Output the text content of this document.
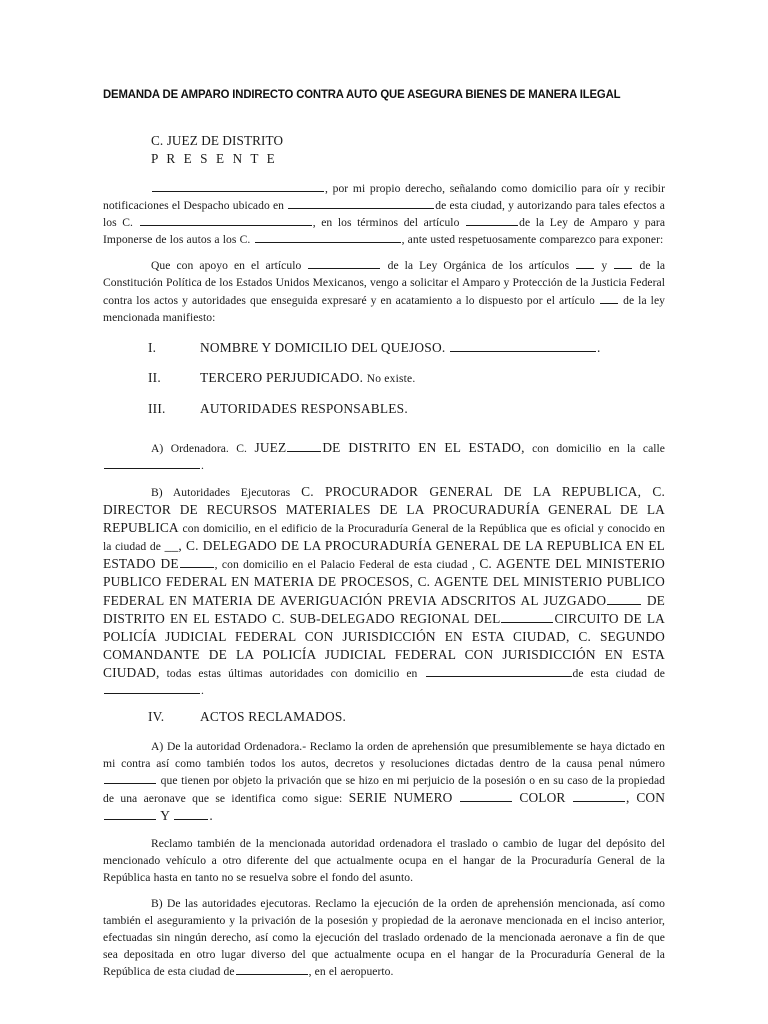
DEMANDA DE AMPARO INDIRECTO CONTRA AUTO QUE ASEGURA BIENES DE MANERA ILEGAL
C. JUEZ DE DISTRITO
P R E S E N T E

, por mi propio derecho, señalando como domicilio para oír y recibir notificaciones el Despacho ubicado en	de esta ciudad, y autorizando para tales efectos a los C.	, en los términos del artículo	de la Ley de Amparo y para Imponerse de los autos a los C.	, ante usted respetuosamente comparezco para exponer:

Que con apoyo en el artículo	de la Ley Orgánica de los artículos	y	de la Constitución Política de los Estados Unidos Mexicanos, vengo a solicitar el Amparo y Protección de la Justicia Federal contra los actos y autoridades que enseguida expresaré y en acatamiento a lo dispuesto por el artículo de la ley mencionada manifiesto:

I.	NOMBRE Y DOMICILIO DEL QUEJOSO.	.
II.	TERCERO PERJUDICADO. No existe.
III.	AUTORIDADES RESPONSABLES.

A) Ordenadora. C. JUEZ	DE DISTRITO EN EL ESTADO, con domicilio en la calle .

B) Autoridades Ejecutoras C. PROCURADOR GENERAL DE LA REPUBLICA, C. DIRECTOR DE RECURSOS MATERIALES DE LA PROCURADURÍA GENERAL DE LA REPUBLICA con domicilio, en el edificio de la Procuraduría General de la República que es oficial y conocido en la ciudad de __, C. DELEGADO DE LA PROCURADURÍA GENERAL DE LA REPUBLICA EN EL ESTADO DE	, con domicilio en el Palacio Federal de esta ciudad , C. AGENTE DEL MINISTERIO PUBLICO FEDERAL EN MATERIA DE PROCESOS, C. AGENTE DEL MINISTERIO PUBLICO FEDERAL EN MATERIA DE AVERIGUACIÓN PREVIA ADSCRITOS AL JUZGADO	DE DISTRITO EN EL ESTADO C. SUB-DELEGADO REGIONAL DEL	CIRCUITO DE LA POLICÍA JUDICIAL FEDERAL CON JURISDICCIÓN EN ESTA CIUDAD, C. SEGUNDO COMANDANTE DE LA POLICÍA JUDICIAL FEDERAL CON JURISDICCIÓN EN ESTA CIUDAD, todas estas últimas autoridades con domicilio en	de esta ciudad de .

IV.	ACTOS RECLAMADOS.

A) De la autoridad Ordenadora.- Reclamo la orden de aprehensión que presumiblemente se haya dictado en mi contra así como también todos los autos, decretos y resoluciones dictadas dentro de la causa penal número  que tienen por objeto la privación que se hizo en mi perjuicio de la posesión o en su caso de la propiedad de una aeronave que se identifica como sigue: SERIE NUMERO	COLOR	, CON  Y	.

Reclamo también de la mencionada autoridad ordenadora el traslado o cambio de lugar del depósito del mencionado vehículo a otro diferente del que actualmente ocupa en el hangar de la Procuraduría General de la República hasta en tanto no se resuelva sobre el fondo del asunto.

B) De las autoridades ejecutoras. Reclamo la ejecución de la orden de aprehensión mencionada, así como también el aseguramiento y la privación de la posesión y propiedad de la aeronave mencionada en el inciso anterior, efectuadas sin ningún derecho, así como la ejecución del traslado ordenado de la mencionada aeronave a fin de que sea depositada en otro lugar diverso del que actualmente ocupa en el hangar de la Procuraduría General de la República de esta ciudad de	, en el aeropuerto.
